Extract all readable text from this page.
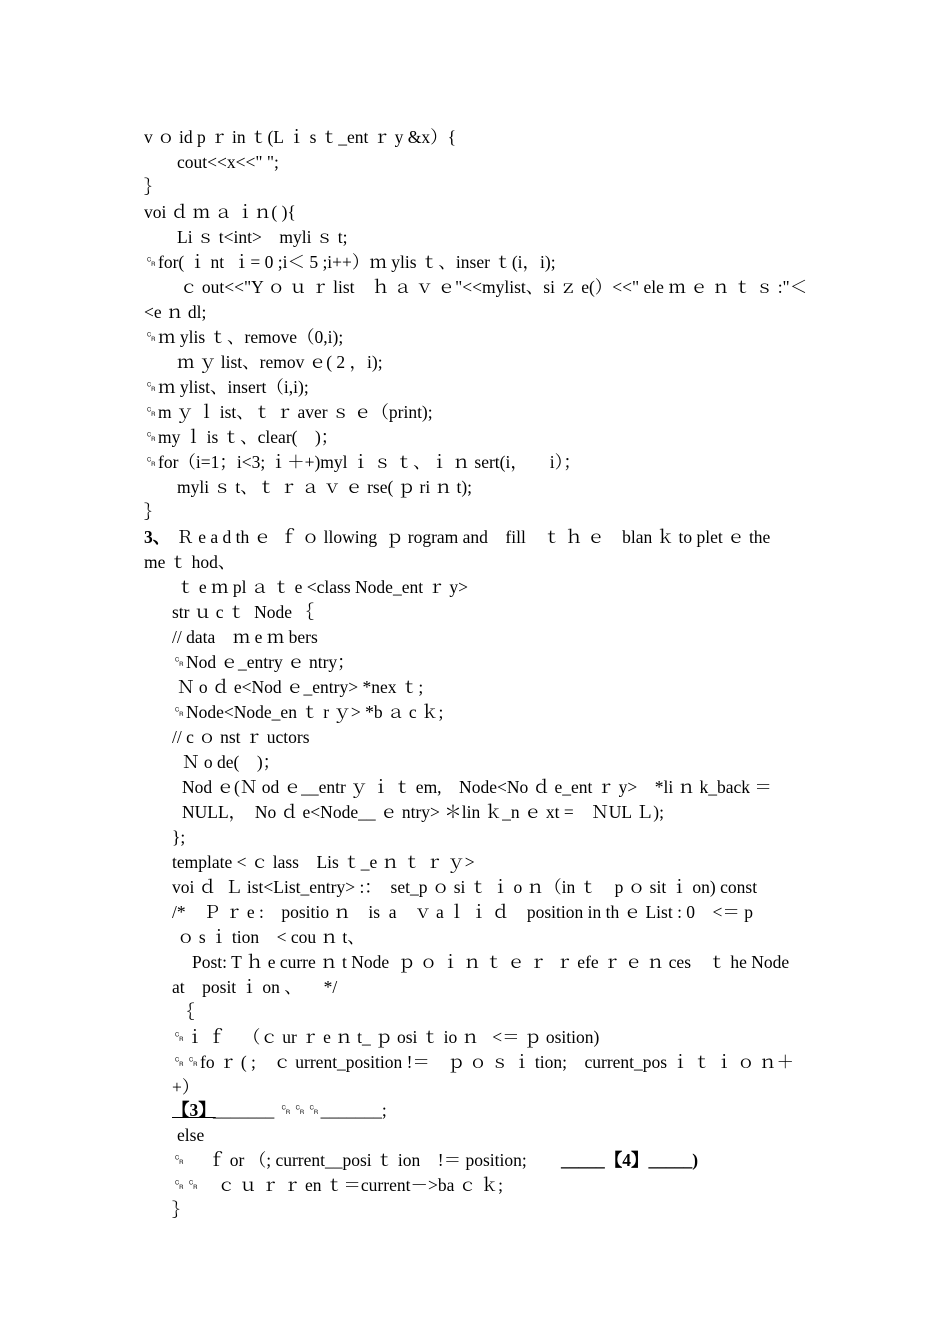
v ｏ id p ｒ in ｔ(L ｉ s ｔ_ent ｒ y &x）{
cout<<x<<" ";
｝
voi ｄ ｍ ａ ｉｎ( ){
Li ｓ t<int>    myli ｓ t;
␍for( ｉ nt  ｉ= 0 ;i＜ 5 ;i++）ｍ ylis ｔ、inser ｔ(i，i);
ｃ out<<"Y ｏ ｕ ｒ list    ｈ ａ ｖ ｅ"<<mylist、si ｚ e(）<<" ele ｍ ｅ ｎ ｔ ｓ :"＜
<e ｎ dl;
␍ｍ ylis ｔ、remove（0,i);
ｍ ｙ list、remov ｅ( 2 ，i);
␍ｍ ylist、insert（i,i);
␍m ｙ ｌ ist、ｔ ｒ aver ｓ ｅ（print);
␍my ｌ is ｔ、clear(    )；
␍for（i=1；i<3; ｉ＋+)myl ｉ ｓ ｔ、ｉ ｎ sert(i，     i）；
myli ｓ t、ｔ ｒ ａ ｖ ｅ rse( ｐ ri ｎ t);
｝
3、 Ｒ e a d th ｅ  ｆ ｏ llowing  ｐ rogram and    fill    ｔ ｈ ｅ    blan ｋ to plet ｅ the
me ｔ hod、
ｔ e ｍ pl ａ ｔ e <class Node_ent ｒ y>
str ｕ c ｔ  Node ｛
// data    ｍ e ｍ bers
␍Nod ｅ_entry ｅ ntry；
Ｎ o ｄ e<Nod ｅ_entry> *nex ｔ;
␍Node<Node_en ｔ r ｙ> *b ａ c ｋ;
// c ｏ nst ｒ uctors
Ｎ o de(    )；
Nod ｅ(Ｎ od ｅ__entr ｙ ｉ ｔ em,    Node<No ｄ e_ent ｒ y>    *li ｎ k_back ＝
NULL，  No ｄ e<Node__ ｅ ntry> ＊lin ｋ_n ｅ xt =    ＮUL Ｌ);
};
template < ｃ lass    Lis ｔ_e ｎ ｔ ｒ ｙ>
voi ｄ  Ｌ ist<List_entry> :：  set_p ｏ si ｔ ｉ o ｎ（in ｔ    p ｏ sit ｉ on) const
/*    Ｐ ｒ e :    positio ｎ    is  a    ｖ a ｌ ｉ ｄ    position in th ｅ List : 0    <＝ p
ｏ s ｉ tion    < cou ｎ t、
Post: T ｈ e curre ｎ t Node  ｐ ｏ ｉ ｎ ｔ ｅ ｒ  ｒ efe ｒ ｅ ｎ ces    ｔ he Node
at    posit ｉ on 、     */
｛
␍ｉ ｆ    （ｃ ur ｒ e ｎ t_ ｐ osi ｔ io ｎ   <＝ ｐ osition)
␍␍fo ｒ ( ;    ｃ urrent_position !＝    ｐ ｏ ｓ ｉ tion;    current_pos ｉ ｔ ｉ ｏ ｎ＋
+）
【3】
_______ ␍␍␍_______;
else
␍     ｆ or （; current__posi ｔ ion    !＝ position; _____【4】_____)
␍␍    ｃ ｕ ｒ ｒ en ｔ＝current－>ba ｃ ｋ;
｝
